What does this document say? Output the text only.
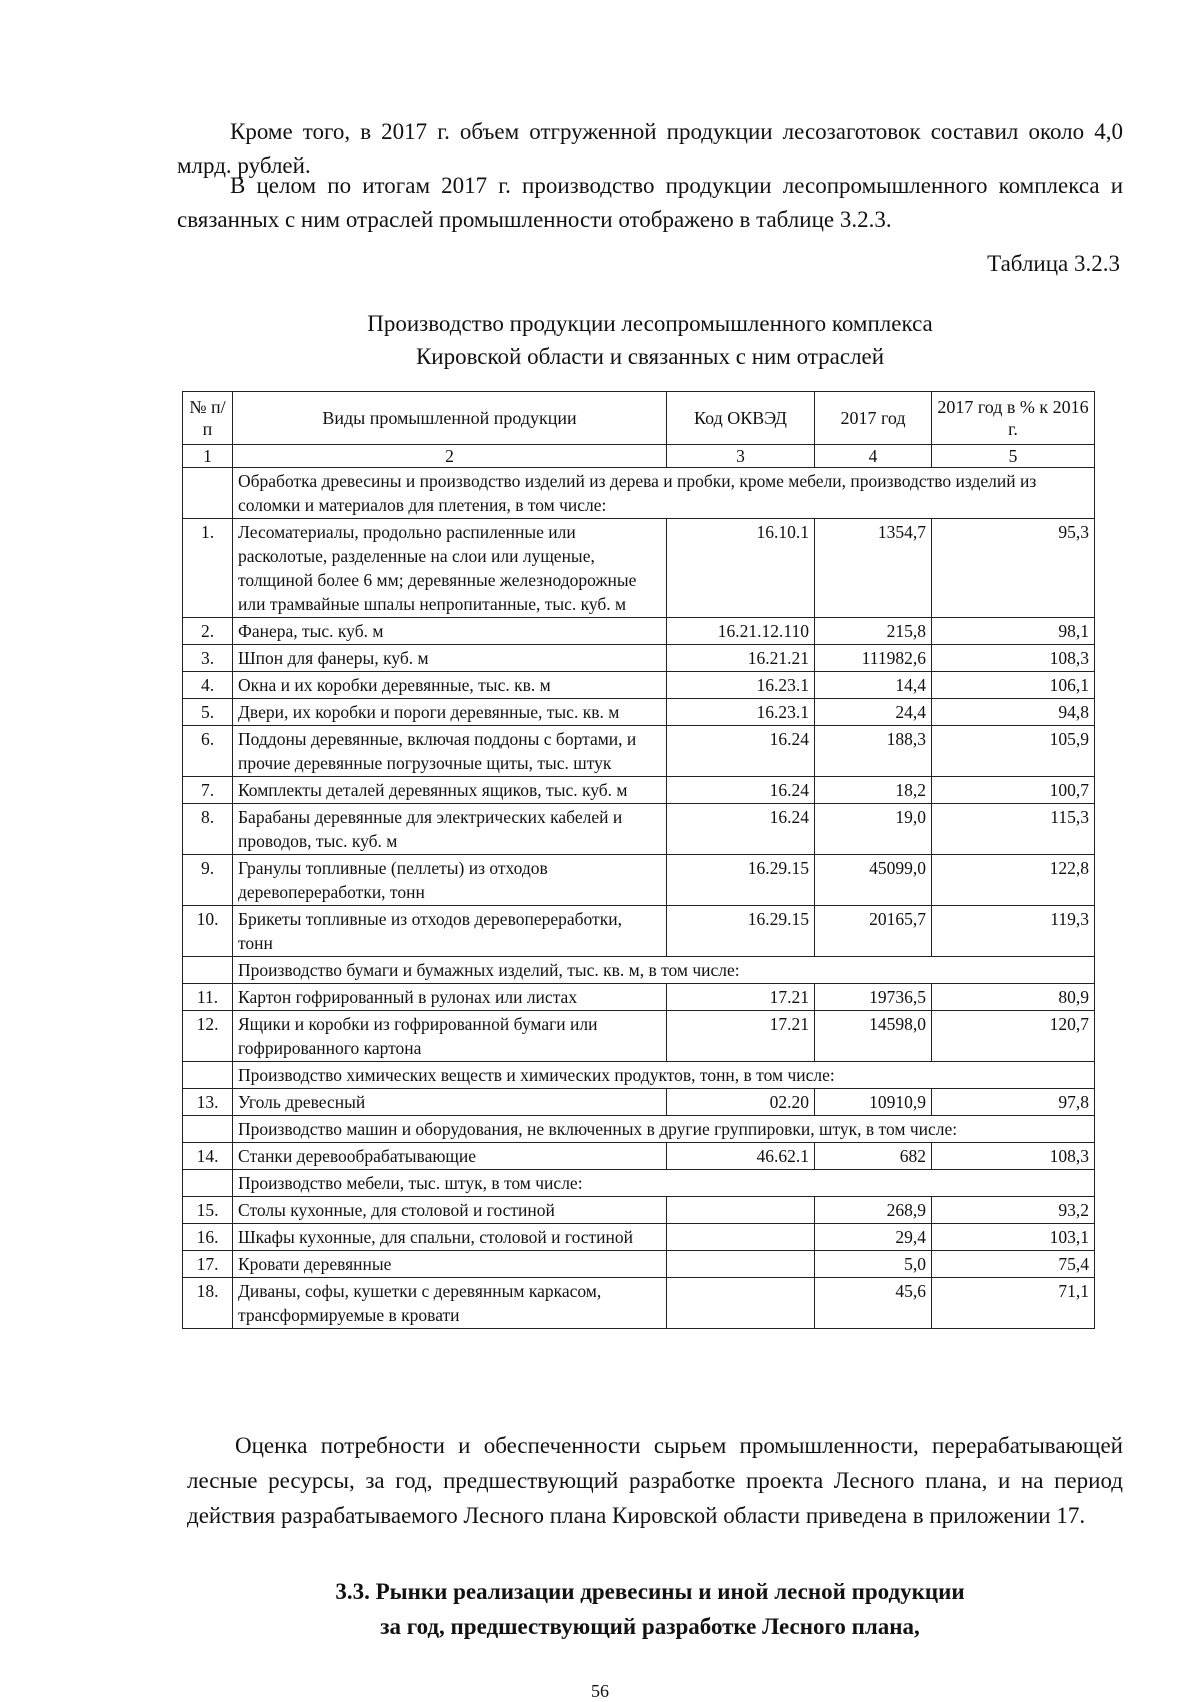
Кроме того, в 2017 г. объем отгруженной продукции лесозаготовок составил около 4,0 млрд. рублей.

В целом по итогам 2017 г. производство продукции лесопромышленного комплекса и связанных с ним отраслей промышленности отображено в таблице 3.2.3.

Таблица 3.2.3
Производство продукции лесопромышленного комплекса
Кировской области и связанных с ним отраслей
№ п/п	Виды промышленной продукции	Код ОКВЭД	2017 год	2017 год в % к 2016 г.
1	2	3	4	5
	Обработка древесины и производство изделий из дерева и пробки, кроме мебели, производство изделий из соломки и материалов для плетения, в том числе:			
1.	Лесоматериалы, продольно распиленные или расколотые, разделенные на слои или лущеные, толщиной более 6 мм; деревянные железнодорожные или трамвайные шпалы непропитанные, тыс. куб. м	16.10.1	1354,7	95,3
2.	Фанера, тыс. куб. м	16.21.12.110	215,8	98,1
3.	Шпон для фанеры, куб. м	16.21.21	111982,6	108,3
4.	Окна и их коробки деревянные, тыс. кв. м	16.23.1	14,4	106,1
5.	Двери, их коробки и пороги деревянные, тыс. кв. м	16.23.1	24,4	94,8
6.	Поддоны деревянные, включая поддоны с бортами, и прочие деревянные погрузочные щиты, тыс. штук	16.24	188,3	105,9
7.	Комплекты деталей деревянных ящиков, тыс. куб. м	16.24	18,2	100,7
8.	Барабаны деревянные для электрических кабелей и проводов, тыс. куб. м	16.24	19,0	115,3
9.	Гранулы топливные (пеллеты) из отходов деревопереработки, тонн	16.29.15	45099,0	122,8
10.	Брикеты топливные из отходов деревопереработки, тонн	16.29.15	20165,7	119,3
	Производство бумаги и бумажных изделий, тыс. кв. м, в том числе:			
11.	Картон гофрированный в рулонах или листах	17.21	19736,5	80,9
12.	Ящики и коробки из гофрированной бумаги или гофрированного картона	17.21	14598,0	120,7
	Производство химических веществ и химических продуктов, тонн, в том числе:			
13.	Уголь древесный	02.20	10910,9	97,8
	Производство машин и оборудования, не включенных в другие группировки, штук, в том числе:			
14.	Станки деревообрабатывающие	46.62.1	682	108,3
	Производство мебели, тыс. штук, в том числе:			
15.	Столы кухонные, для столовой и гостиной		268,9	93,2
16.	Шкафы кухонные, для спальни, столовой и гостиной		29,4	103,1
17.	Кровати деревянные		5,0	75,4
18.	Диваны, софы, кушетки с деревянным каркасом, трансформируемые в кровати		45,6	71,1

Оценка потребности и обеспеченности сырьем промышленности, перерабатывающей лесные ресурсы, за год, предшествующий разработке проекта Лесного плана, и на период действия разрабатываемого Лесного плана Кировской области приведена в приложении 17.

3.3. Рынки реализации древесины и иной лесной продукции
за год, предшествующий разработке Лесного плана,
56
